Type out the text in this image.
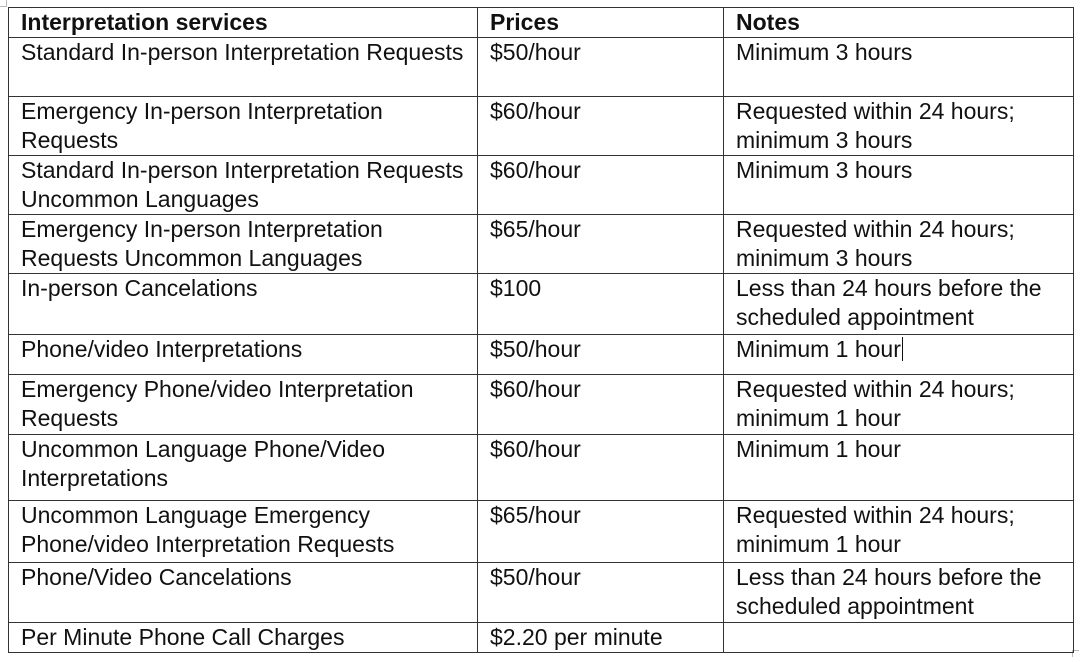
Interpretation services	Prices	Notes
Standard In-person Interpretation Requests	$50/hour	Minimum 3 hours
Emergency In-person Interpretation Requests	$60/hour	Requested within 24 hours; minimum 3 hours
Standard In-person Interpretation Requests Uncommon Languages	$60/hour	Minimum 3 hours
Emergency In-person Interpretation Requests Uncommon Languages	$65/hour	Requested within 24 hours; minimum 3 hours
In-person Cancelations	$100	Less than 24 hours before the scheduled appointment
Phone/video Interpretations	$50/hour	Minimum 1 hour
Emergency Phone/video Interpretation Requests	$60/hour	Requested within 24 hours; minimum 1 hour
Uncommon Language Phone/Video Interpretations	$60/hour	Minimum 1 hour
Uncommon Language Emergency Phone/video Interpretation Requests	$65/hour	Requested within 24 hours; minimum 1 hour
Phone/Video Cancelations	$50/hour	Less than 24 hours before the scheduled appointment
Per Minute Phone Call Charges	$2.20 per minute	
